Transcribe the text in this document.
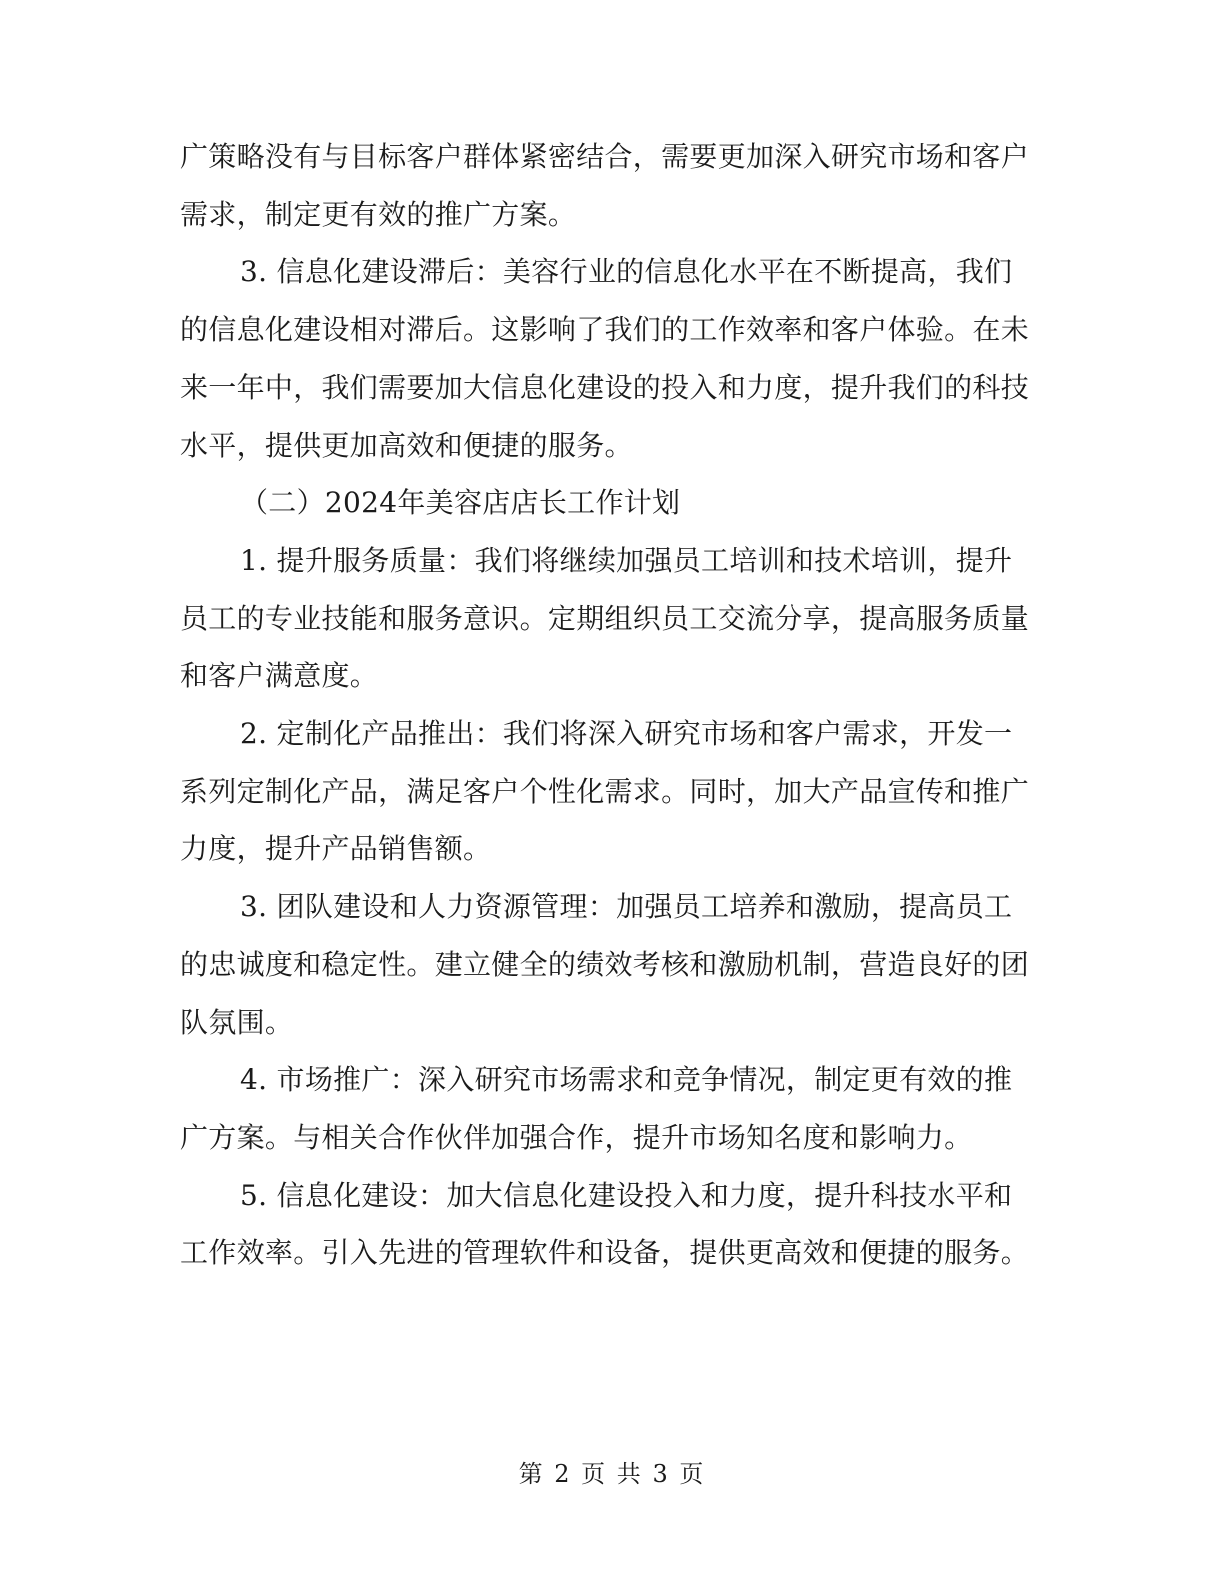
广策略没有与目标客户群体紧密结合，需要更加深入研究市场和客户需求，制定更有效的推广方案。

3. 信息化建设滞后：美容行业的信息化水平在不断提高，我们的信息化建设相对滞后。这影响了我们的工作效率和客户体验。在未来一年中，我们需要加大信息化建设的投入和力度，提升我们的科技水平，提供更加高效和便捷的服务。

（二）2024年美容店店长工作计划

1. 提升服务质量：我们将继续加强员工培训和技术培训，提升员工的专业技能和服务意识。定期组织员工交流分享，提高服务质量和客户满意度。

2. 定制化产品推出：我们将深入研究市场和客户需求，开发一系列定制化产品，满足客户个性化需求。同时，加大产品宣传和推广力度，提升产品销售额。

3. 团队建设和人力资源管理：加强员工培养和激励，提高员工的忠诚度和稳定性。建立健全的绩效考核和激励机制，营造良好的团队氛围。

4. 市场推广：深入研究市场需求和竞争情况，制定更有效的推广方案。与相关合作伙伴加强合作，提升市场知名度和影响力。

5. 信息化建设：加大信息化建设投入和力度，提升科技水平和工作效率。引入先进的管理软件和设备，提供更高效和便捷的服务。

第 2 页 共 3 页
